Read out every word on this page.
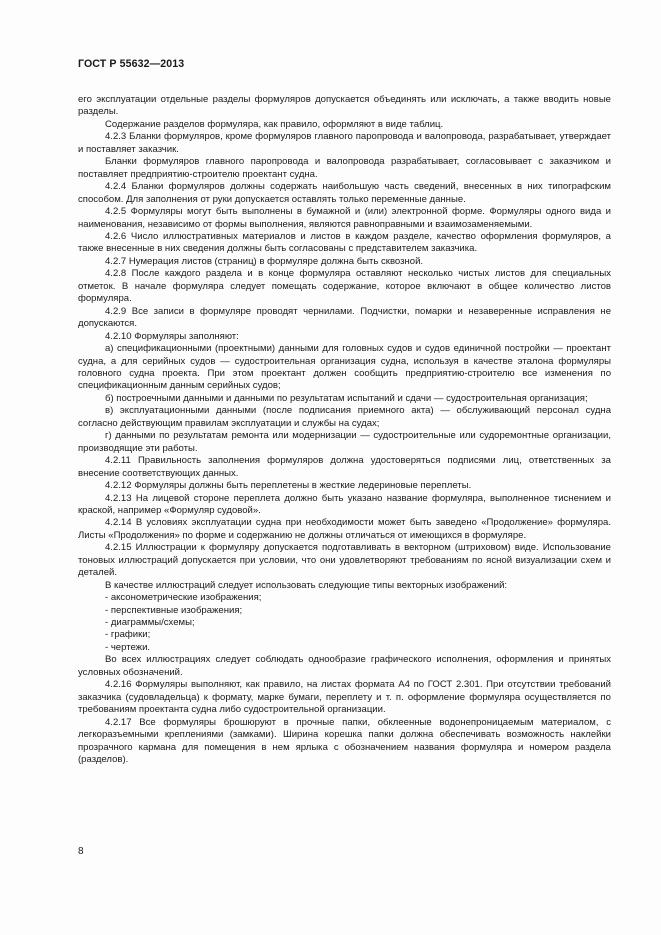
ГОСТ Р 55632—2013

его эксплуатации отдельные разделы формуляров допускается объединять или исключать, а также вводить новые разделы.

Содержание разделов формуляра, как правило, оформляют в виде таблиц.

4.2.3 Бланки формуляров, кроме формуляров главного паропровода и валопровода, разрабатывает, утверждает и поставляет заказчик.

Бланки формуляров главного паропровода и валопровода разрабатывает, согласовывает с заказчиком и поставляет предприятию-строителю проектант судна.

4.2.4 Бланки формуляров должны содержать наибольшую часть сведений, внесенных в них типографским способом. Для заполнения от руки допускается оставлять только переменные данные.

4.2.5 Формуляры могут быть выполнены в бумажной и (или) электронной форме. Формуляры одного вида и наименования, независимо от формы выполнения, являются равноправными и взаимозаменяемыми.

4.2.6 Число иллюстративных материалов и листов в каждом разделе, качество оформления формуляров, а также внесенные в них сведения должны быть согласованы с представителем заказчика.

4.2.7 Нумерация листов (страниц) в формуляре должна быть сквозной.

4.2.8 После каждого раздела и в конце формуляра оставляют несколько чистых листов для специальных отметок. В начале формуляра следует помещать содержание, которое включают в общее количество листов формуляра.

4.2.9 Все записи в формуляре проводят чернилами. Подчистки, помарки и незаверенные исправления не допускаются.

4.2.10 Формуляры заполняют:

а) спецификационными (проектными) данными для головных судов и судов единичной постройки — проектант судна, а для серийных судов — судостроительная организация судна, используя в качестве эталона формуляры головного судна проекта. При этом проектант должен сообщить предприятию-строителю все изменения по спецификационным данным серийных судов;

б) построечными данными и данными по результатам испытаний и сдачи — судостроительная организация;

в) эксплуатационными данными (после подписания приемного акта) — обслуживающий персонал судна согласно действующим правилам эксплуатации и службы на судах;

г) данными по результатам ремонта или модернизации — судостроительные или судоремонтные организации, производящие эти работы.

4.2.11 Правильность заполнения формуляров должна удостоверяться подписями лиц, ответственных за внесение соответствующих данных.

4.2.12 Формуляры должны быть переплетены в жесткие ледериновые переплеты.

4.2.13 На лицевой стороне переплета должно быть указано название формуляра, выполненное тиснением и краской, например «Формуляр судовой».

4.2.14 В условиях эксплуатации судна при необходимости может быть заведено «Продолжение» формуляра. Листы «Продолжения» по форме и содержанию не должны отличаться от имеющихся в формуляре.

4.2.15 Иллюстрации к формуляру допускается подготавливать в векторном (штриховом) виде. Использование тоновых иллюстраций допускается при условии, что они удовлетворяют требованиям по ясной визуализации схем и деталей.

В качестве иллюстраций следует использовать следующие типы векторных изображений:

- аксонометрические изображения;

- перспективные изображения;

- диаграммы/схемы;

- графики;

- чертежи.

Во всех иллюстрациях следует соблюдать однообразие графического исполнения, оформления и принятых условных обозначений.

4.2.16 Формуляры выполняют, как правило, на листах формата А4 по ГОСТ 2.301. При отсутствии требований заказчика (судовладельца) к формату, марке бумаги, переплету и т. п. оформление формуляра осуществляется по требованиям проектанта судна либо судостроительной организации.

4.2.17 Все формуляры брошюруют в прочные папки, обклеенные водонепроницаемым материалом, с легкоразъемными креплениями (замками). Ширина корешка папки должна обеспечивать возможность наклейки прозрачного кармана для помещения в нем ярлыка с обозначением названия формуляра и номером раздела (разделов).

8
